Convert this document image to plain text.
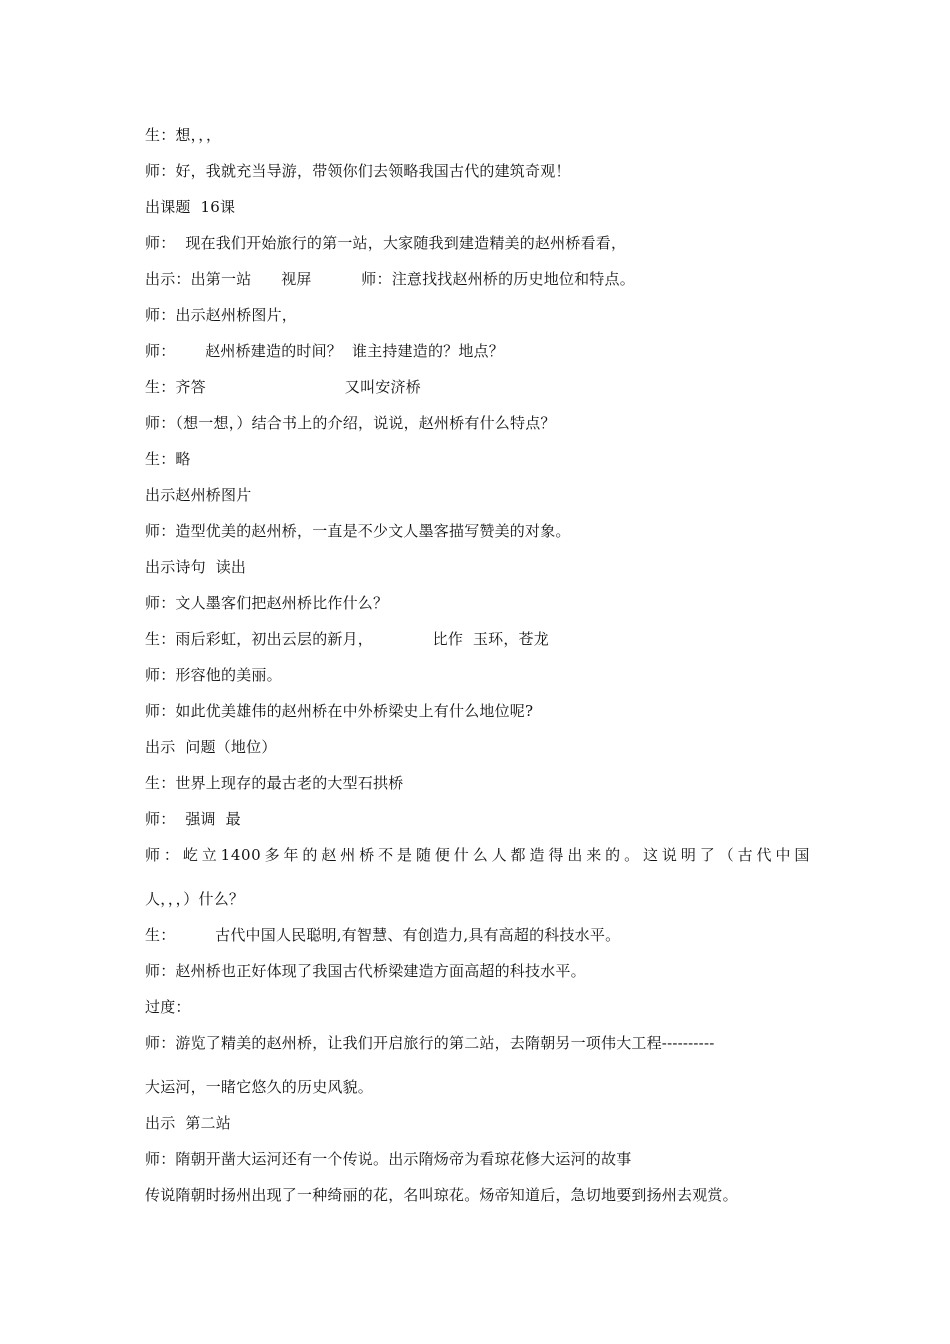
生：想，，，
师：好，我就充当导游，带领你们去领略我国古代的建筑奇观！
出课题  16课
师：  现在我们开始旅行的第一站，大家随我到建造精美的赵州桥看看，
出示：出第一站      视屏          师：注意找找赵州桥的历史地位和特点。
师：出示赵州桥图片，
师：      赵州桥建造的时间？  谁主持建造的？地点？
生：齐答                            又叫安济桥
师：（想一想，）结合书上的介绍，说说，赵州桥有什么特点？
生：略
出示赵州桥图片
师：造型优美的赵州桥，一直是不少文人墨客描写赞美的对象。
出示诗句  读出
师：文人墨客们把赵州桥比作什么？
生：雨后彩虹，初出云层的新月，            比作  玉环，苍龙
师：形容他的美丽。
师：如此优美雄伟的赵州桥在中外桥梁史上有什么地位呢?
出示  问题（地位）
生：世界上现存的最古老的大型石拱桥
师：  强调  最
师：屹立1400多年的赵州桥不是随便什么人都造得出来的。这说明了（古代中国
人，，，）什么？
生：        古代中国人民聪明,有智慧、有创造力,具有高超的科技水平。
师：赵州桥也正好体现了我国古代桥梁建造方面高超的科技水平。
过度：
师：游览了精美的赵州桥，让我们开启旅行的第二站，去隋朝另一项伟大工程----------
大运河，一睹它悠久的历史风貌。
出示  第二站
师：隋朝开凿大运河还有一个传说。出示隋炀帝为看琼花修大运河的故事
传说隋朝时扬州出现了一种绮丽的花，名叫琼花。炀帝知道后，急切地要到扬州去观赏。
